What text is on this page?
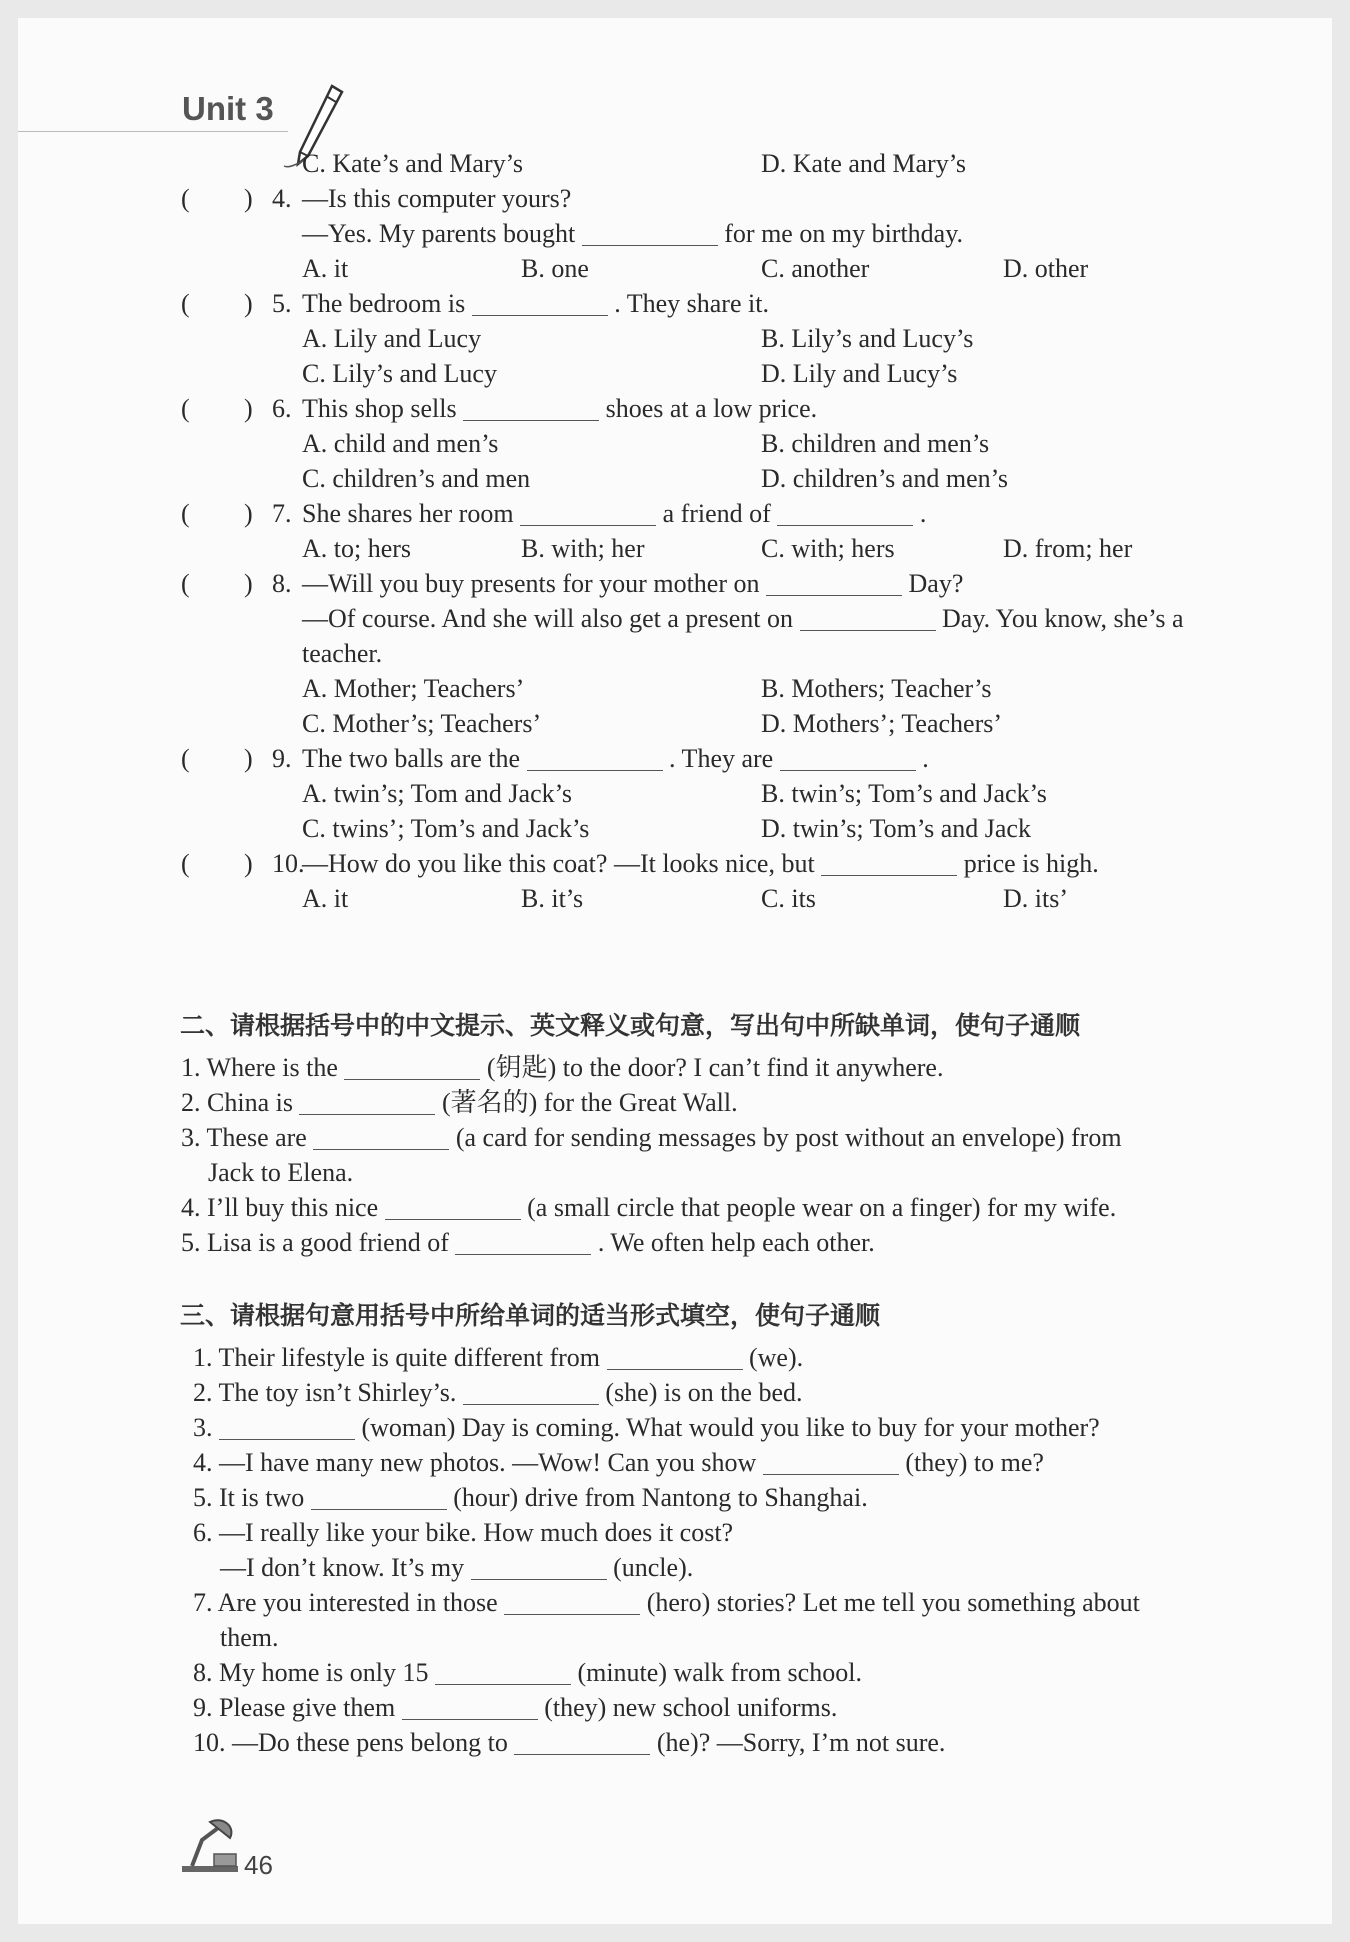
Unit 3
C. Kate’s and Mary’s	D. Kate and Mary’s
( ) 4. —Is this computer yours?
—Yes. My parents bought	for me on my birthday.
A. it	B. one	C. another	D. other
( ) 5. The bedroom is	. They share it.
A. Lily and Lucy	B. Lily’s and Lucy’s
C. Lily’s and Lucy	D. Lily and Lucy’s
( ) 6. This shop sells	shoes at a low price.
A. child and men’s	B. children and men’s
C. children’s and men	D. children’s and men’s
( ) 7. She shares her room	a friend of	.
A. to; hers	B. with; her	C. with; hers	D. from; her
( ) 8. —Will you buy presents for your mother on	Day?
—Of course. And she will also get a present on	Day. You know, she’s a
teacher.
A. Mother; Teachers’	B. Mothers; Teacher’s
C. Mother’s; Teachers’	D. Mothers’; Teachers’
( ) 9. The two balls are the	. They are	.
A. twin’s; Tom and Jack’s	B. twin’s; Tom’s and Jack’s
C. twins’; Tom’s and Jack’s	D. twin’s; Tom’s and Jack
( ) 10.
—How do you like this coat? —It looks nice, but	price is high.
A. it	B. it’s	C. its	D. its’
二、请根据括号中的中文提示、英文释义或句意，写出句中所缺单词，使句子通顺
1. Where is the	(钥匙) to the door? I can’t find it anywhere.
2. China is	(著名的) for the Great Wall.
3. These are	(a card for sending messages by post without an envelope) from
Jack to Elena.
4. I’ll buy this nice	(a small circle that people wear on a finger) for my wife.
5. Lisa is a good friend of	. We often help each other.
三、请根据句意用括号中所给单词的适当形式填空，使句子通顺
1. Their lifestyle is quite different from	(we).
2. The toy isn’t Shirley’s.	(she) is on the bed.
3.	(woman) Day is coming. What would you like to buy for your mother?
4. —I have many new photos. —Wow! Can you show	(they) to me?
5. It is two	(hour) drive from Nantong to Shanghai.
6. —I really like your bike. How much does it cost?
—I don’t know. It’s my	(uncle).
7. Are you interested in those	(hero) stories? Let me tell you something about
them.
8. My home is only 15	(minute) walk from school.
9. Please give them	(they) new school uniforms.
10. —Do these pens belong to	(he)? —Sorry, I’m not sure.
46
